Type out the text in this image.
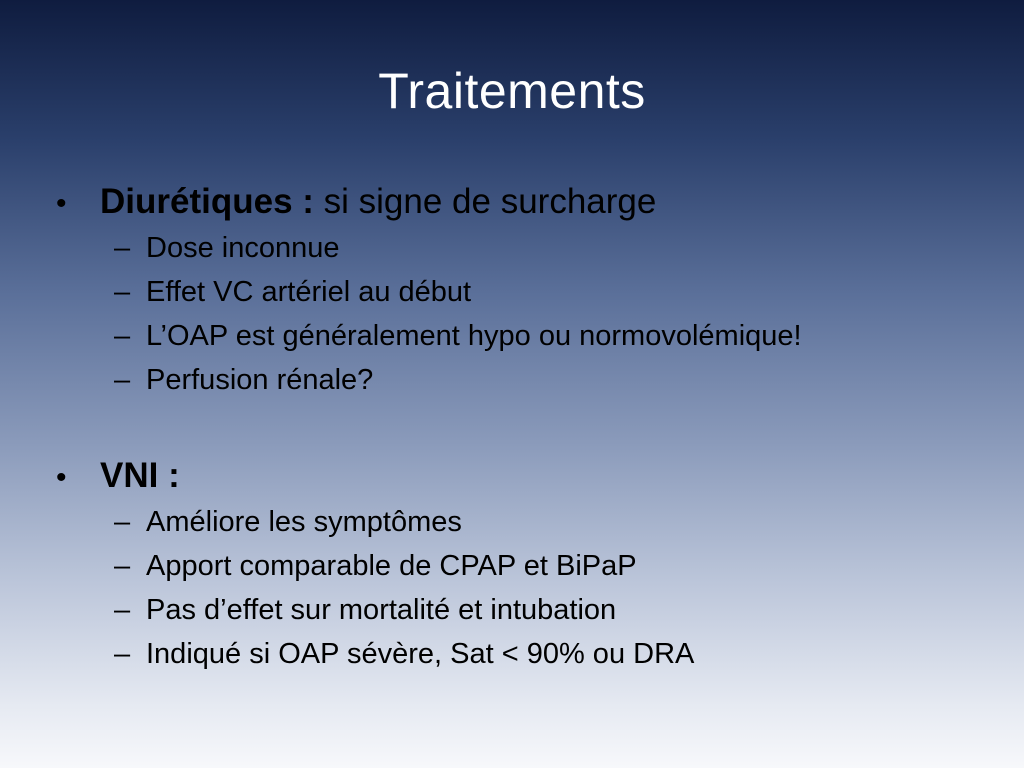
Traitements
• Diurétiques : si signe de surcharge
– Dose inconnue
– Effet VC artériel au début
– L’OAP est généralement hypo ou normovolémique!
– Perfusion rénale?
• VNI :
– Améliore les symptômes
– Apport comparable de CPAP et BiPaP
– Pas d’effet sur mortalité et intubation
– Indiqué si OAP sévère, Sat < 90% ou DRA
